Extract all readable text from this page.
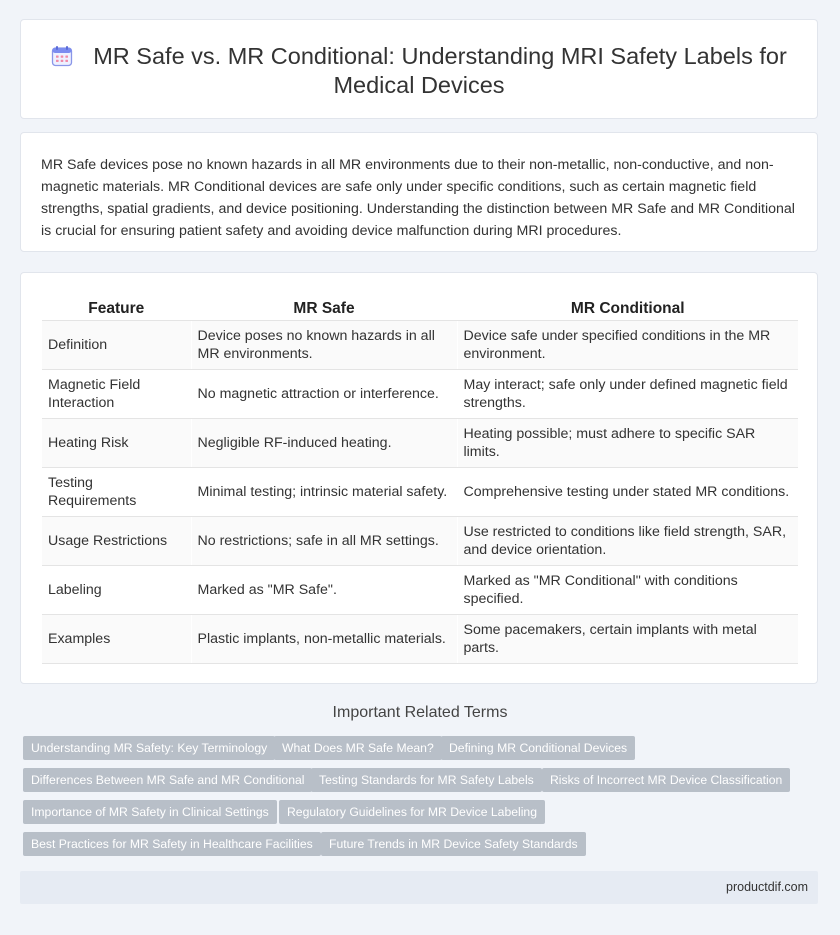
MR Safe vs. MR Conditional: Understanding MRI Safety Labels for Medical Devices

MR Safe devices pose no known hazards in all MR environments due to their non-metallic, non-conductive, and non-magnetic materials. MR Conditional devices are safe only under specific conditions, such as certain magnetic field strengths, spatial gradients, and device positioning. Understanding the distinction between MR Safe and MR Conditional is crucial for ensuring patient safety and avoiding device malfunction during MRI procedures.

Feature	MR Safe	MR Conditional
Definition	Device poses no known hazards in all MR environments.	Device safe under specified conditions in the MR environment.
Magnetic Field Interaction	No magnetic attraction or interference.	May interact; safe only under defined magnetic field strengths.
Heating Risk	Negligible RF-induced heating.	Heating possible; must adhere to specific SAR limits.
Testing Requirements	Minimal testing; intrinsic material safety.	Comprehensive testing under stated MR conditions.
Usage Restrictions	No restrictions; safe in all MR settings.	Use restricted to conditions like field strength, SAR, and device orientation.
Labeling	Marked as "MR Safe".	Marked as "MR Conditional" with conditions specified.
Examples	Plastic implants, non-metallic materials.	Some pacemakers, certain implants with metal parts.
Important Related Terms
Understanding MR Safety: Key Terminology	What Does MR Safe Mean?	Defining MR Conditional Devices
Differences Between MR Safe and MR Conditional	Testing Standards for MR Safety Labels	Risks of Incorrect MR Device Classification
Importance of MR Safety in Clinical Settings	Regulatory Guidelines for MR Device Labeling
Best Practices for MR Safety in Healthcare Facilities	Future Trends in MR Device Safety Standards
productdif.com
